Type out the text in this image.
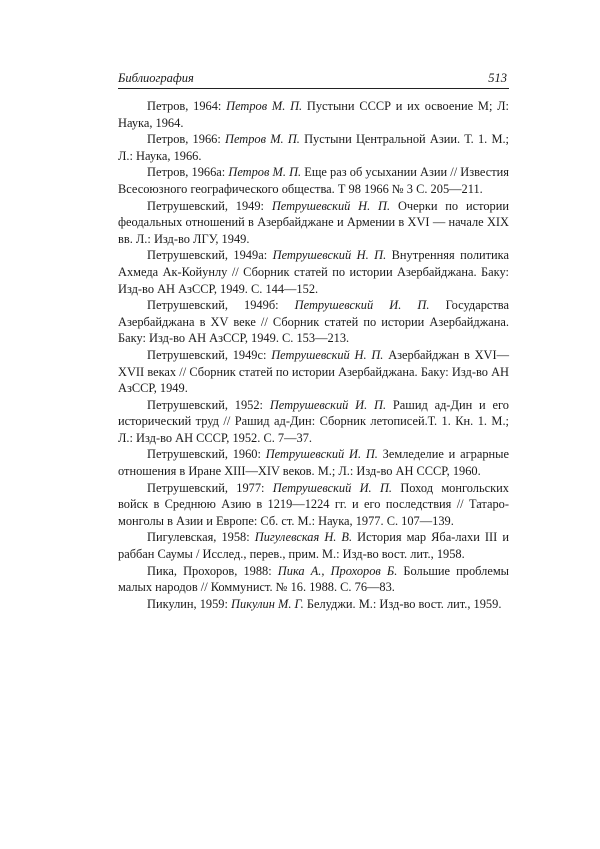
Библиография	513

Петров, 1964: Петров М. П. Пустыни СССР и их освоение М; Л: Наука, 1964.

Петров, 1966: Петров М. П. Пустыни Центральной Азии. Т. 1. М.; Л.: Наука, 1966.

Петров, 1966а: Петров М. П. Еще раз об усыхании Азии // Известия Всесоюзного географического общества. Т 98 1966 № 3 С. 205—211.

Петрушевский, 1949: Петрушевский Н. П. Очерки по истории феодальных отношений в Азербайджане и Армении в XVI — начале XIX вв. Л.: Изд-во ЛГУ, 1949.

Петрушевский, 1949а: Петрушевский Н. П. Внутренняя политика Ахмеда Ак-Койунлу // Сборник статей по истории Азербайджана. Баку: Изд-во АН АзССР, 1949. С. 144—152.

Петрушевский, 1949б: Петрушевский И. П. Государства Азербайджана в XV веке // Сборник статей по истории Азербайджана. Баку: Изд-во АН АзССР, 1949. С. 153—213.

Петрушевский, 1949с: Петрушевский Н. П. Азербайджан в XVI—XVII веках // Сборник статей по истории Азербайджана. Баку: Изд-во АН АзССР, 1949.

Петрушевский, 1952: Петрушевский И. П. Рашид ад-Дин и его исторический труд // Рашид ад-Дин: Сборник летописей.Т. 1. Кн. 1. М.; Л.: Изд-во АН СССР, 1952. С. 7—37.

Петрушевский, 1960: Петрушевский И. П. Земледелие и аграрные отношения в Иране XIII—XIV веков. М.; Л.: Изд-во АН СССР, 1960.

Петрушевский, 1977: Петрушевский И. П. Поход монгольских войск в Среднюю Азию в 1219—1224 гг. и его последствия // Татаро-монголы в Азии и Европе: Сб. ст. М.: Наука, 1977. С. 107—139.

Пигулевская, 1958: Пигулевская Н. В. История мар Яба-лахи III и раббан Саумы / Исслед., перев., прим. М.: Изд-во вост. лит., 1958.

Пика, Прохоров, 1988: Пика А., Прохоров Б. Большие проблемы малых народов // Коммунист. № 16. 1988. С. 76—83.

Пикулин, 1959: Пикулин М. Г. Белуджи. М.: Изд-во вост. лит., 1959.
